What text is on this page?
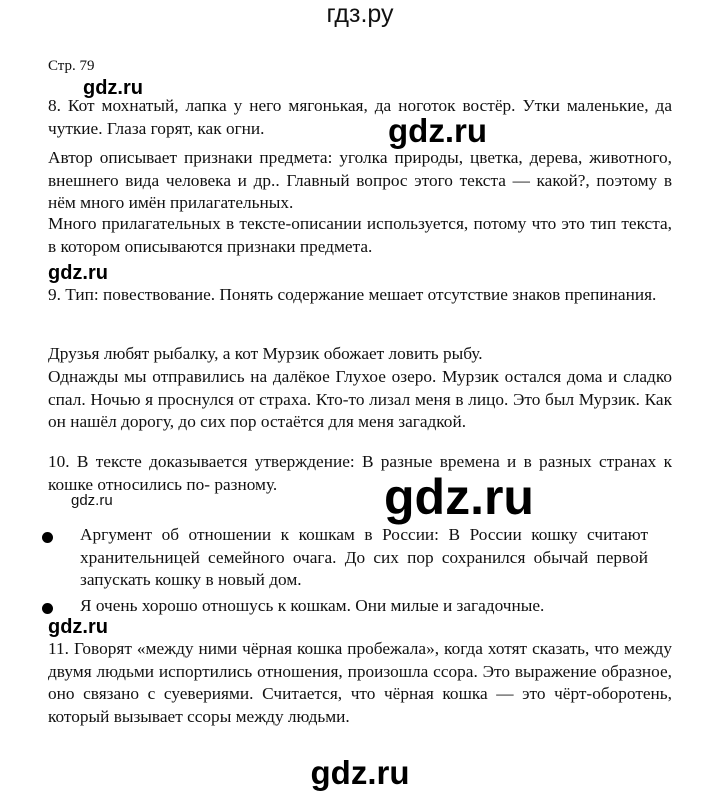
гдз.ру
Стр. 79
gdz.ru

8. Кот мохнатый, лапка у него мягонькая, да ноготок востёр. Утки маленькие, да чуткие. Глаза горят, как огни.	gdz.ru

Автор описывает признаки предмета: уголка природы, цветка, дерева, животного, внешнего вида человека и др.. Главный вопрос этого текста — какой?, поэтому в нём много имён прилагательных.

Много прилагательных в тексте-описании используется, потому что это тип текста, в котором описываются признаки предмета.

gdz.ru

9. Тип: повествование. Понять содержание мешает отсутствие знаков препинания.

Друзья любят рыбалку, а кот Мурзик обожает ловить рыбу.

Однажды мы отправились на далёкое Глухое озеро. Мурзик остался дома и сладко спал. Ночью я проснулся от страха. Кто-то лизал меня в лицо. Это был Мурзик. Как он нашёл дорогу, до сих пор остаётся для меня загадкой.

10. В тексте доказывается утверждение: В разные времена и в разных странах к кошке относились по- разному.

gdz.ru	gdz.ru

Аргумент об отношении к кошкам в России: В России кошку считают хранительницей семейного очага. До сих пор сохранился обычай первой запускать кошку в новый дом.

Я очень хорошо отношусь к кошкам. Они милые и загадочные.

gdz.ru

11. Говорят «между ними чёрная кошка пробежала», когда хотят сказать, что между двумя людьми испортились отношения, произошла ссора. Это выражение образное, оно связано с суевериями. Считается, что чёрная кошка — это чёрт-оборотень, который вызывает ссоры между людьми.

gdz.ru
